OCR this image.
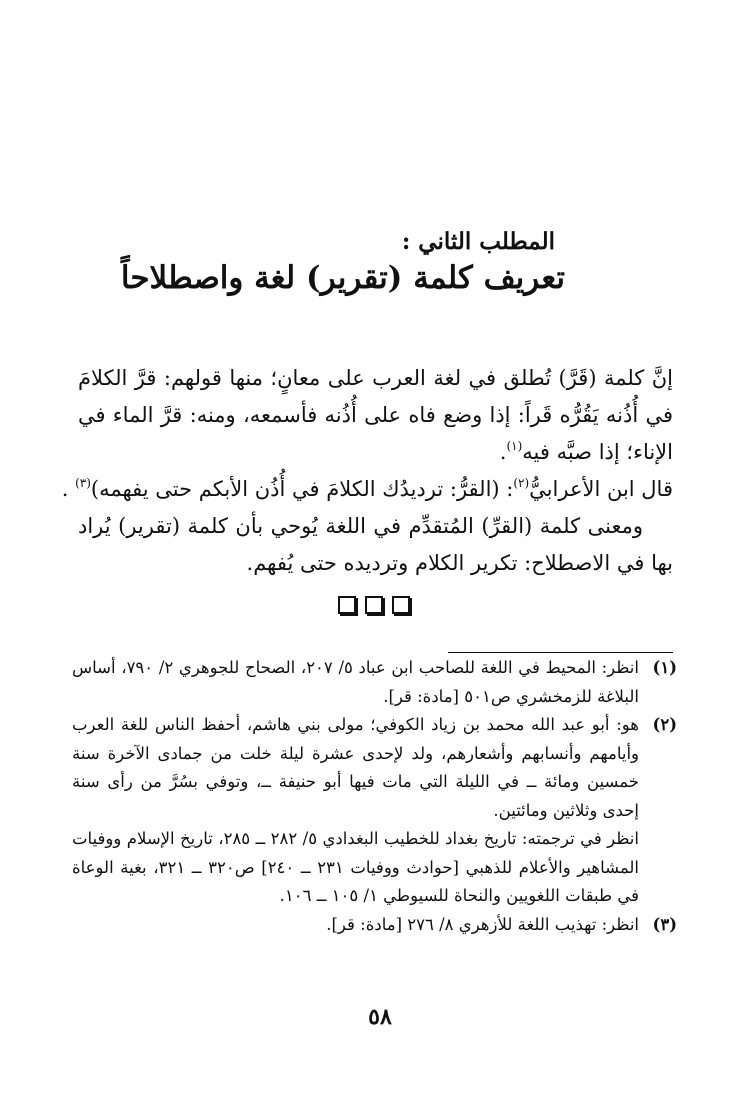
المطلب الثاني :
تعريف كلمة (تقرير) لغة واصطلاحاً

إنَّ كلمة (قَرَّ) تُطلق في لغة العرب على معانٍ؛ منها قولهم: قرَّ الكلامَ في أُذُنه يَقُرُّه قَراً: إذا وضع فاه على أُذُنه فأسمعه، ومنه: قرَّ الماء في الإناء؛ إذا صبَّه فيه$^{(١)}$.

قال ابن الأعرابيُّ$^{(٢)}$: (القرُّ: ترديدُك الكلامَ في أُذُن الأبكم حتى يفهمه)$^{(٣)}$ .

ومعنى كلمة (القرِّ) المُتقدِّم في اللغة يُوحي بأن كلمة (تقرير) يُراد بها في الاصطلاح: تكرير الكلام وترديده حتى يُفهم.

(١)

انظر: المحيط في اللغة للصاحب ابن عباد ٥/ ٢٠٧، الصحاح للجوهري ٢/ ٧٩٠، أساس البلاغة للزمخشري ص٥٠١ [مادة: قر].

(٢)

هو: أبو عبد الله محمد بن زياد الكوفي؛ مولى بني هاشم، أحفظ الناس للغة العرب وأيامهم وأنسابهم وأشعارهم، ولد لإحدى عشرة ليلة خلت من جمادى الآخرة سنة خمسين ومائة ــ في الليلة التي مات فيها أبو حنيفة ــ، وتوفي بسُرَّ من رأى سنة إحدى وثلاثين ومائتين.

انظر في ترجمته: تاريخ بغداد للخطيب البغدادي ٥/ ٢٨٢ ــ ٢٨٥، تاريخ الإسلام ووفيات المشاهير والأعلام للذهبي [حوادث ووفيات ٢٣١ ــ ٢٤٠] ص٣٢٠ ــ ٣٢١، بغية الوعاة في طبقات اللغويين والنحاة للسيوطي ١/ ١٠٥ ــ ١٠٦.

(٣)

انظر: تهذيب اللغة للأزهري ٨/ ٢٧٦ [مادة: قر].

٥٨
